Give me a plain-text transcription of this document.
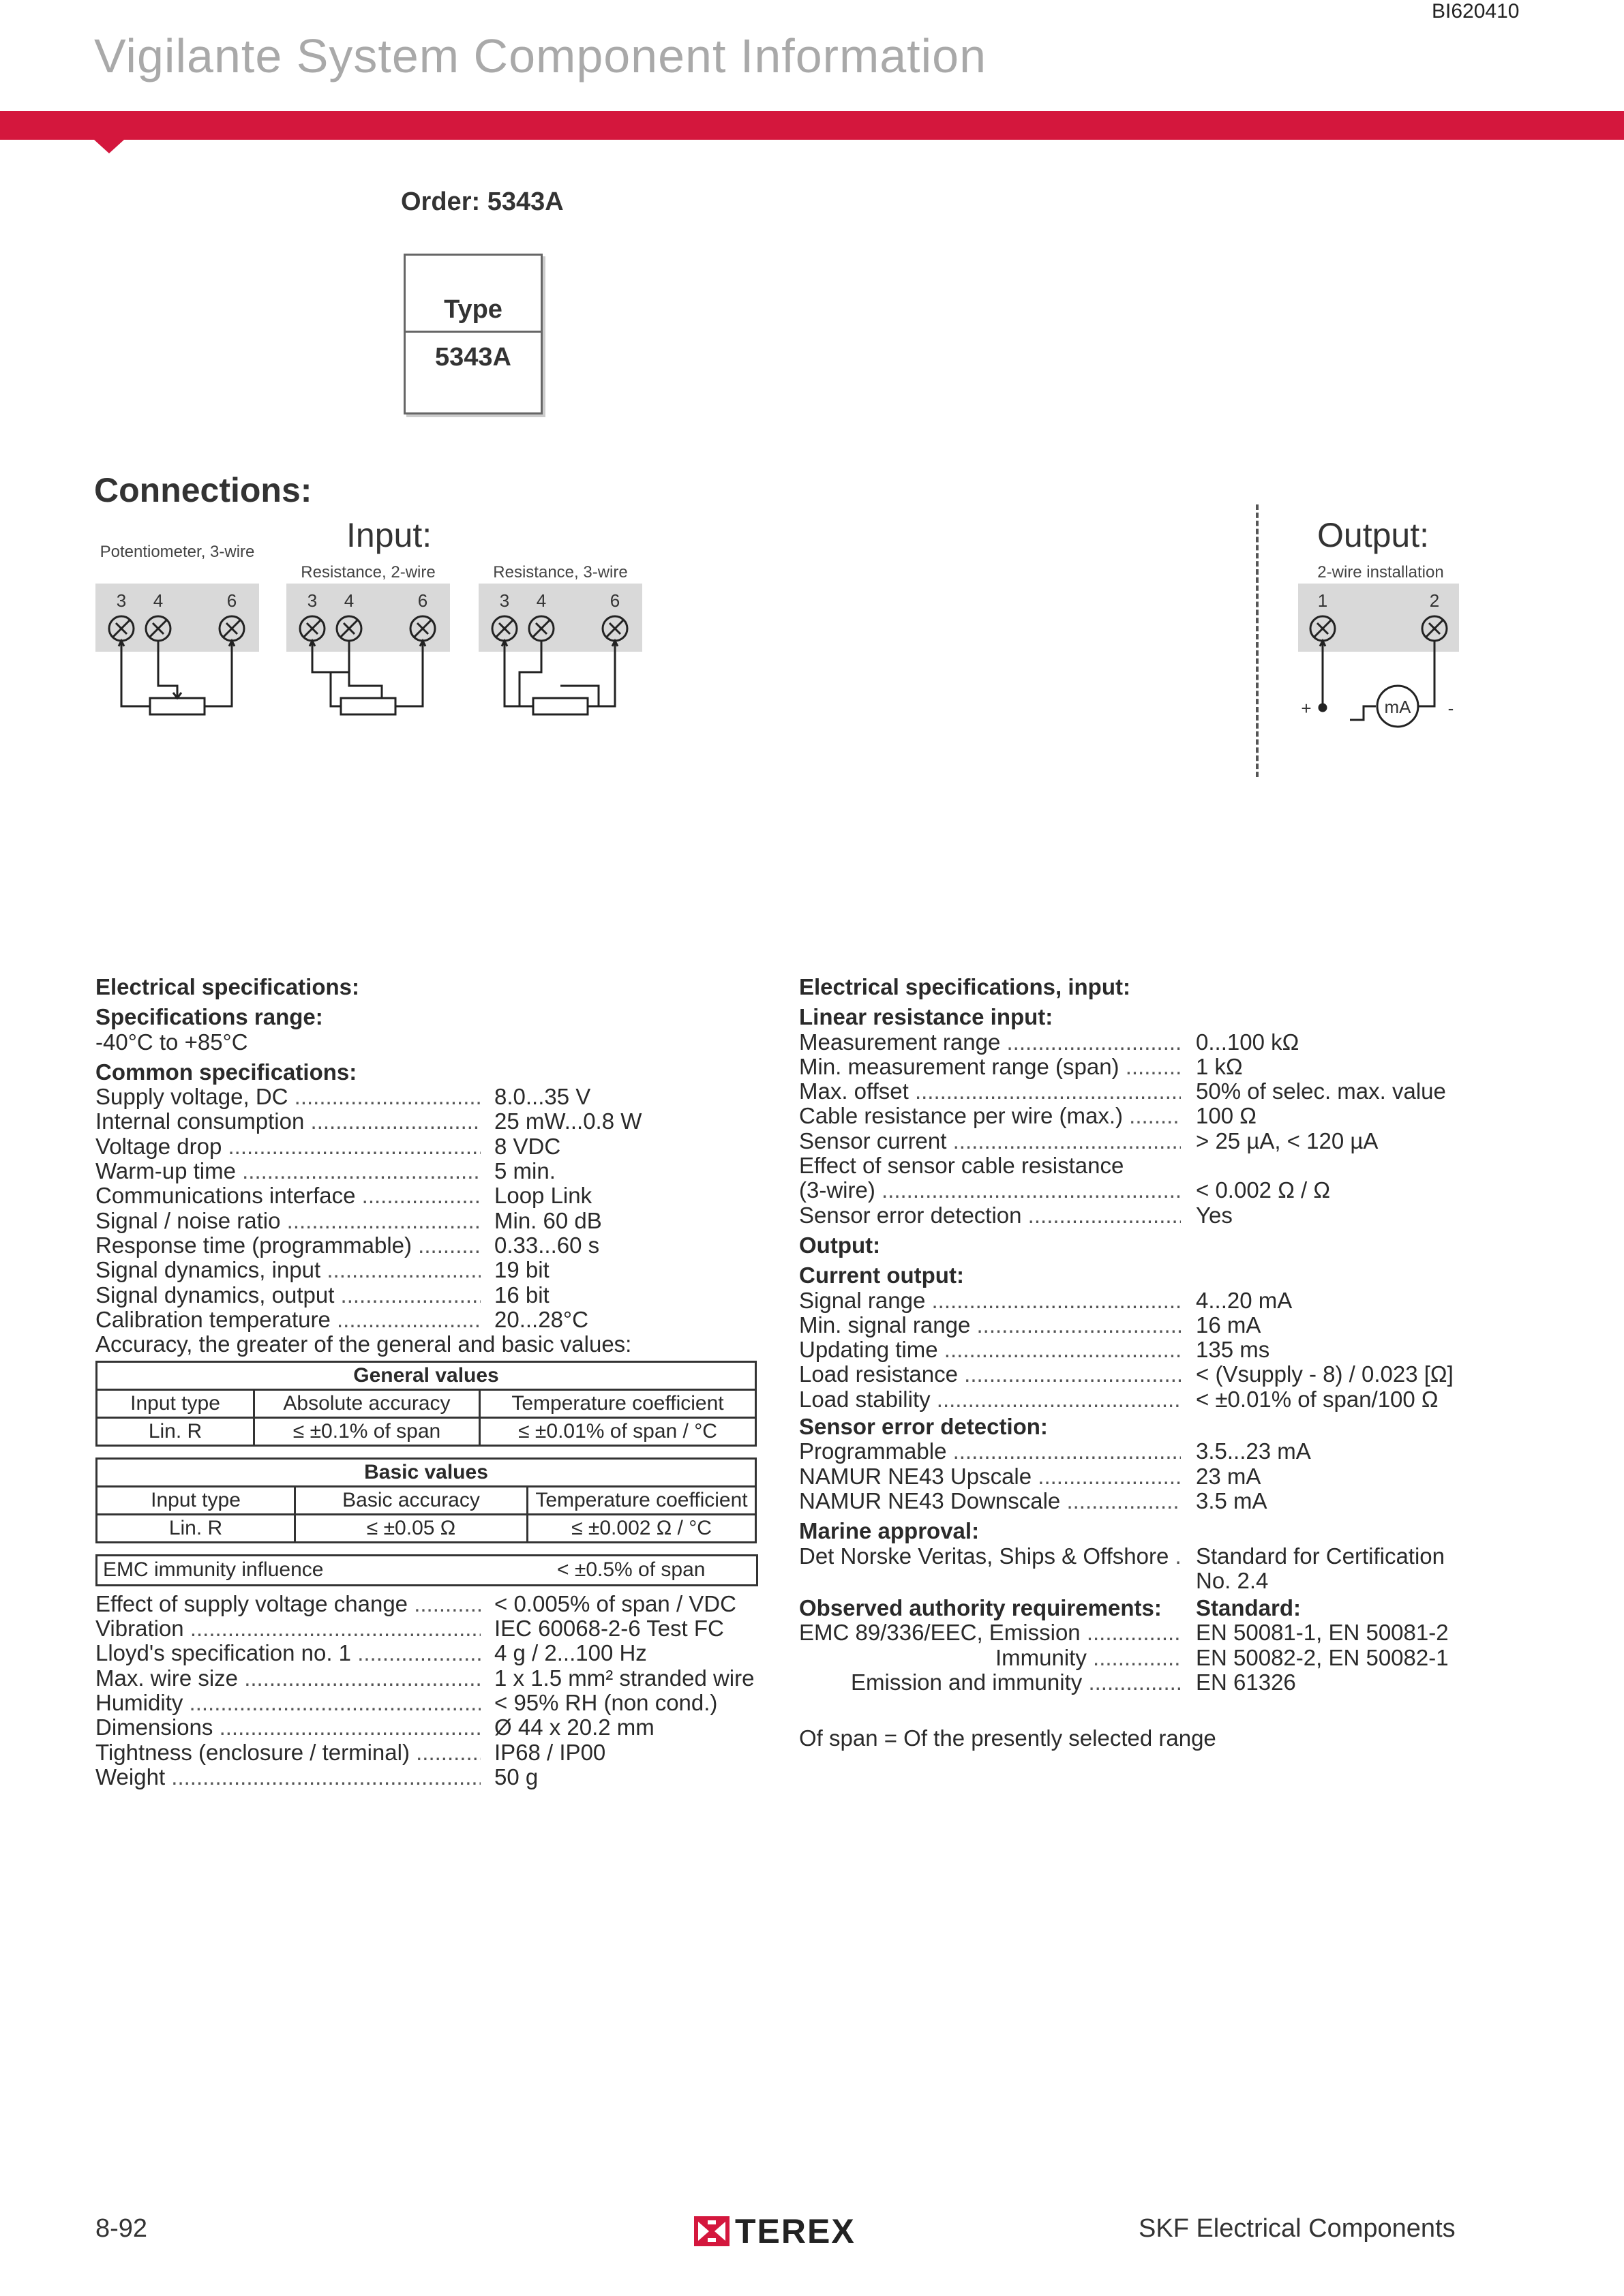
BI620410
Vigilante System Component Information
Order: 5343A
Type
5343A
Connections:
Input:	Output:
Potentiometer, 3-wire
3 4	6
Resistance, 2-wire
3 4	6
Resistance, 3-wire
3 4	6
2-wire installation
1	2
mA
+	-
Electrical specifications:
Specifications range:
-40°C to +85°C
Common specifications:
Supply voltage, DC .....	8.0...35 V
Internal consumption .....	25 mW...0.8 W
Voltage drop .....	8 VDC
Warm-up time .....	5 min.
Communications interface .....	Loop Link
Signal / noise ratio .....	Min. 60 dB
Response time (programmable) .....	0.33...60 s
Signal dynamics, input .....	19 bit
Signal dynamics, output .....	16 bit
Calibration temperature .....	20...28°C
Accuracy, the greater of the general and basic values:
General values		
Input type	Absolute accuracy	Temperature coefficient
Lin. R	≤ ±0.1% of span	≤ ±0.01% of span / °C
Basic values		
Input type	Basic accuracy	Temperature coefficient
Lin. R	≤ ±0.05 Ω	≤ ±0.002 Ω / °C
EMC immunity influence	< ±0.5% of span
Effect of supply voltage change .....	< 0.005% of span / VDC
Vibration .....	IEC 60068-2-6 Test FC
Lloyd's specification no. 1 .....	4 g / 2...100 Hz
Max. wire size .....	1 x 1.5 mm² stranded wire
Humidity .....	< 95% RH (non cond.)
Dimensions .....	Ø 44 x 20.2 mm
Tightness (enclosure / terminal) .....	IP68 / IP00
Weight .....	50 g
Electrical specifications, input:
Linear resistance input:
Measurement range .....	0...100 kΩ
Min. measurement range (span) .....	1 kΩ
Max. offset .....	50% of selec. max. value
Cable resistance per wire (max.) .....	100 Ω
Sensor current .....	> 25 µA, < 120 µA
Effect of sensor cable resistance
(3-wire) .....	< 0.002 Ω / Ω
Sensor error detection .....	Yes
Output:
Current output:
Signal range .....	4...20 mA
Min. signal range .....	16 mA
Updating time .....	135 ms
Load resistance .....	< (Vsupply - 8) / 0.023 [Ω]
Load stability .....	< ±0.01% of span/100 Ω
Sensor error detection:
Programmable .....	3.5...23 mA
NAMUR NE43 Upscale .....	23 mA
NAMUR NE43 Downscale .....	3.5 mA
Marine approval:
Det Norske Veritas, Ships & Offshore .....	Standard for Certification
No. 2.4
Observed authority requirements:	Standard:
EMC 89/336/EEC, Emission .....	EN 50081-1, EN 50081-2
Immunity .....	EN 50082-2, EN 50082-1
Emission and immunity .....	EN 61326
Of span = Of the presently selected range
8-92	TEREX	SKF Electrical Components
